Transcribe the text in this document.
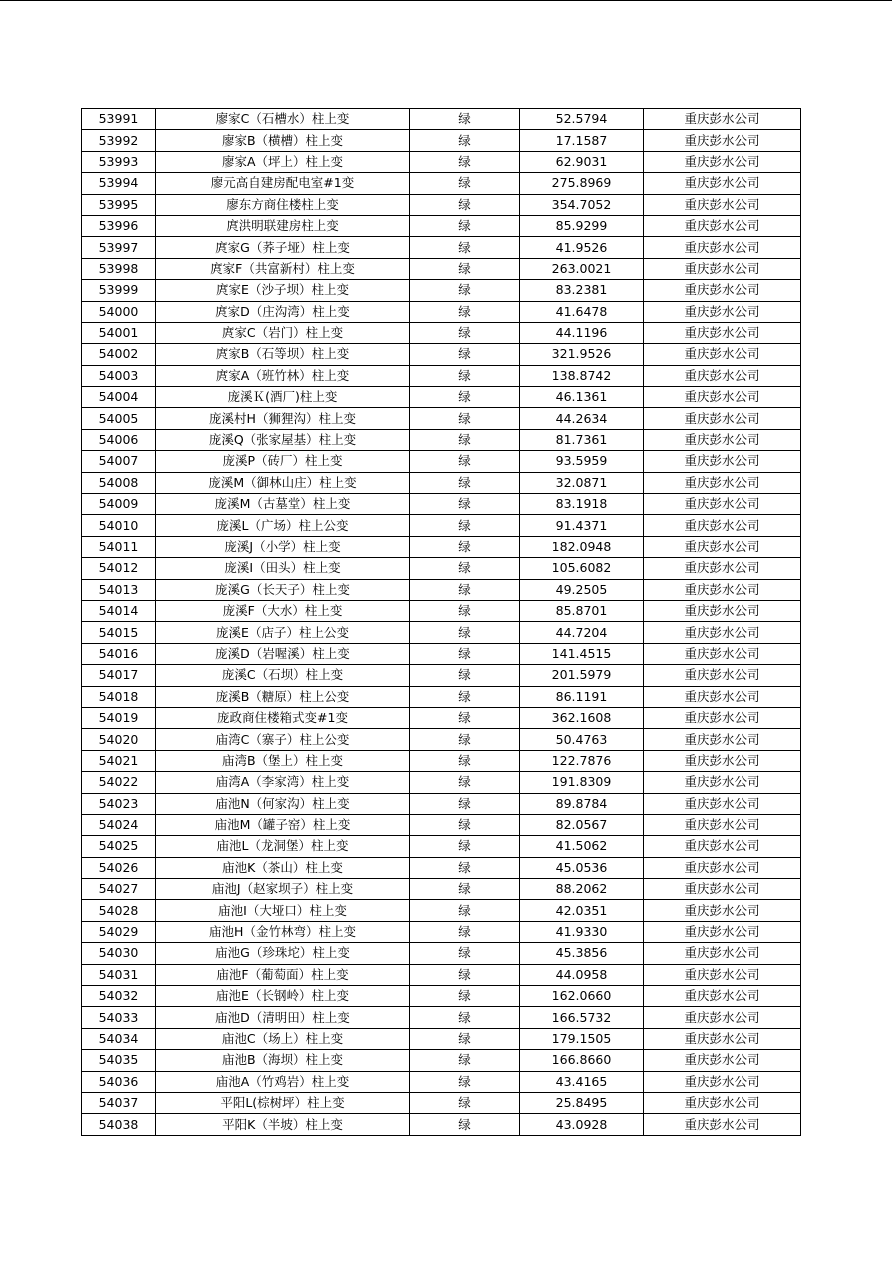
53991	廖家C（石槽水）柱上变	绿	52.5794	重庆彭水公司
53992	廖家B（横槽）柱上变	绿	17.1587	重庆彭水公司
53993	廖家A（坪上）柱上变	绿	62.9031	重庆彭水公司
53994	廖元高自建房配电室#1变	绿	275.8969	重庆彭水公司
53995	廖东方商住楼柱上变	绿	354.7052	重庆彭水公司
53996	庹洪明联建房柱上变	绿	85.9299	重庆彭水公司
53997	庹家G（荞子垭）柱上变	绿	41.9526	重庆彭水公司
53998	庹家F（共富新村）柱上变	绿	263.0021	重庆彭水公司
53999	庹家E（沙子坝）柱上变	绿	83.2381	重庆彭水公司
54000	庹家D（庄沟湾）柱上变	绿	41.6478	重庆彭水公司
54001	庹家C（岩门）柱上变	绿	44.1196	重庆彭水公司
54002	庹家B（石等坝）柱上变	绿	321.9526	重庆彭水公司
54003	庹家A（班竹林）柱上变	绿	138.8742	重庆彭水公司
54004	庞溪Ｋ(酒厂)柱上变	绿	46.1361	重庆彭水公司
54005	庞溪村H（狮狸沟）柱上变	绿	44.2634	重庆彭水公司
54006	庞溪Q（张家屋基）柱上变	绿	81.7361	重庆彭水公司
54007	庞溪P（砖厂）柱上变	绿	93.5959	重庆彭水公司
54008	庞溪M（御林山庄）柱上变	绿	32.0871	重庆彭水公司
54009	庞溪M（古墓堂）柱上变	绿	83.1918	重庆彭水公司
54010	庞溪L（广场）柱上公变	绿	91.4371	重庆彭水公司
54011	庞溪J（小学）柱上变	绿	182.0948	重庆彭水公司
54012	庞溪I（田头）柱上变	绿	105.6082	重庆彭水公司
54013	庞溪G（长天子）柱上变	绿	49.2505	重庆彭水公司
54014	庞溪F（大水）柱上变	绿	85.8701	重庆彭水公司
54015	庞溪E（店子）柱上公变	绿	44.7204	重庆彭水公司
54016	庞溪D（岩喔溪）柱上变	绿	141.4515	重庆彭水公司
54017	庞溪C（石坝）柱上变	绿	201.5979	重庆彭水公司
54018	庞溪B（糖原）柱上公变	绿	86.1191	重庆彭水公司
54019	庞政商住楼箱式变#1变	绿	362.1608	重庆彭水公司
54020	庙湾C（寨子）柱上公变	绿	50.4763	重庆彭水公司
54021	庙湾B（堡上）柱上变	绿	122.7876	重庆彭水公司
54022	庙湾A（李家湾）柱上变	绿	191.8309	重庆彭水公司
54023	庙池N（何家沟）柱上变	绿	89.8784	重庆彭水公司
54024	庙池M（罐子窑）柱上变	绿	82.0567	重庆彭水公司
54025	庙池L（龙洞堡）柱上变	绿	41.5062	重庆彭水公司
54026	庙池K（茶山）柱上变	绿	45.0536	重庆彭水公司
54027	庙池J（赵家坝子）柱上变	绿	88.2062	重庆彭水公司
54028	庙池I（大垭口）柱上变	绿	42.0351	重庆彭水公司
54029	庙池H（金竹林弯）柱上变	绿	41.9330	重庆彭水公司
54030	庙池G（珍珠坨）柱上变	绿	45.3856	重庆彭水公司
54031	庙池F（葡萄面）柱上变	绿	44.0958	重庆彭水公司
54032	庙池E（长钢岭）柱上变	绿	162.0660	重庆彭水公司
54033	庙池D（清明田）柱上变	绿	166.5732	重庆彭水公司
54034	庙池C（场上）柱上变	绿	179.1505	重庆彭水公司
54035	庙池B（海坝）柱上变	绿	166.8660	重庆彭水公司
54036	庙池A（竹鸡岩）柱上变	绿	43.4165	重庆彭水公司
54037	平阳L(棕树坪）柱上变	绿	25.8495	重庆彭水公司
54038	平阳K（半坡）柱上变	绿	43.0928	重庆彭水公司
